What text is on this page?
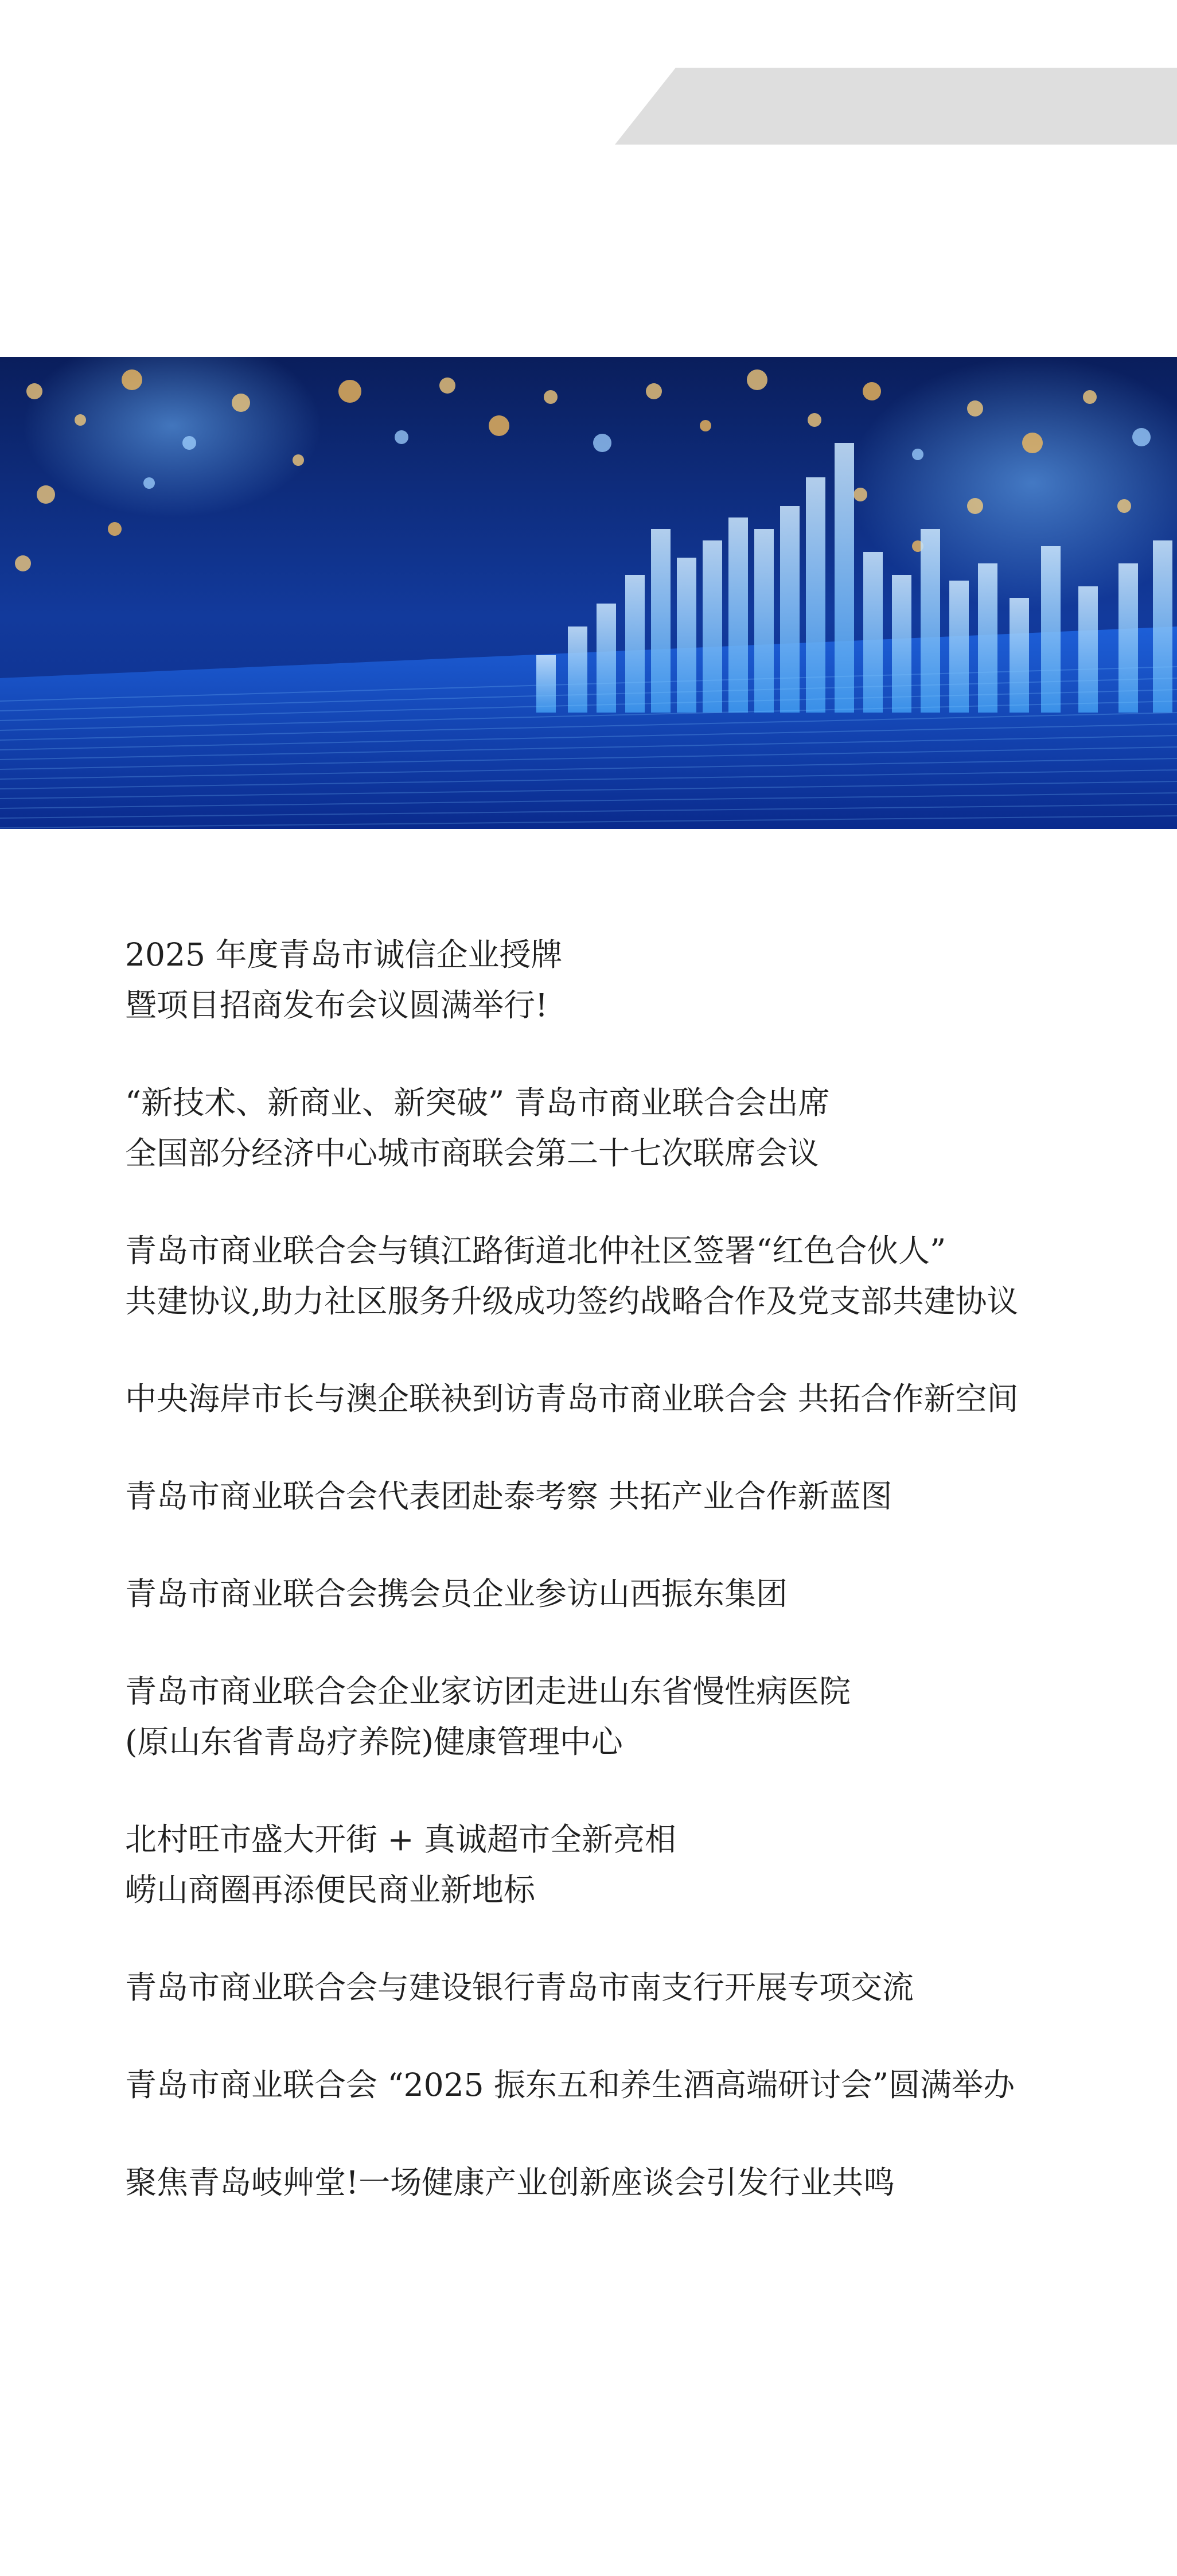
2025 年度青岛市诚信企业授牌
暨项目招商发布会议圆满举行!
“新技术、新商业、新突破” 青岛市商业联合会出席
全国部分经济中心城市商联会第二十七次联席会议
青岛市商业联合会与镇江路街道北仲社区签署“红色合伙人”
共建协议,助力社区服务升级成功签约战略合作及党支部共建协议
中央海岸市长与澳企联袂到访青岛市商业联合会 共拓合作新空间
青岛市商业联合会代表团赴泰考察 共拓产业合作新蓝图
青岛市商业联合会携会员企业参访山西振东集团
青岛市商业联合会企业家访团走进山东省慢性病医院
(原山东省青岛疗养院)健康管理中心
北村旺市盛大开街 + 真诚超市全新亮相
崂山商圈再添便民商业新地标
青岛市商业联合会与建设银行青岛市南支行开展专项交流
青岛市商业联合会 “2025 振东五和养生酒高端研讨会”圆满举办
聚焦青岛岐艸堂!一场健康产业创新座谈会引发行业共鸣
